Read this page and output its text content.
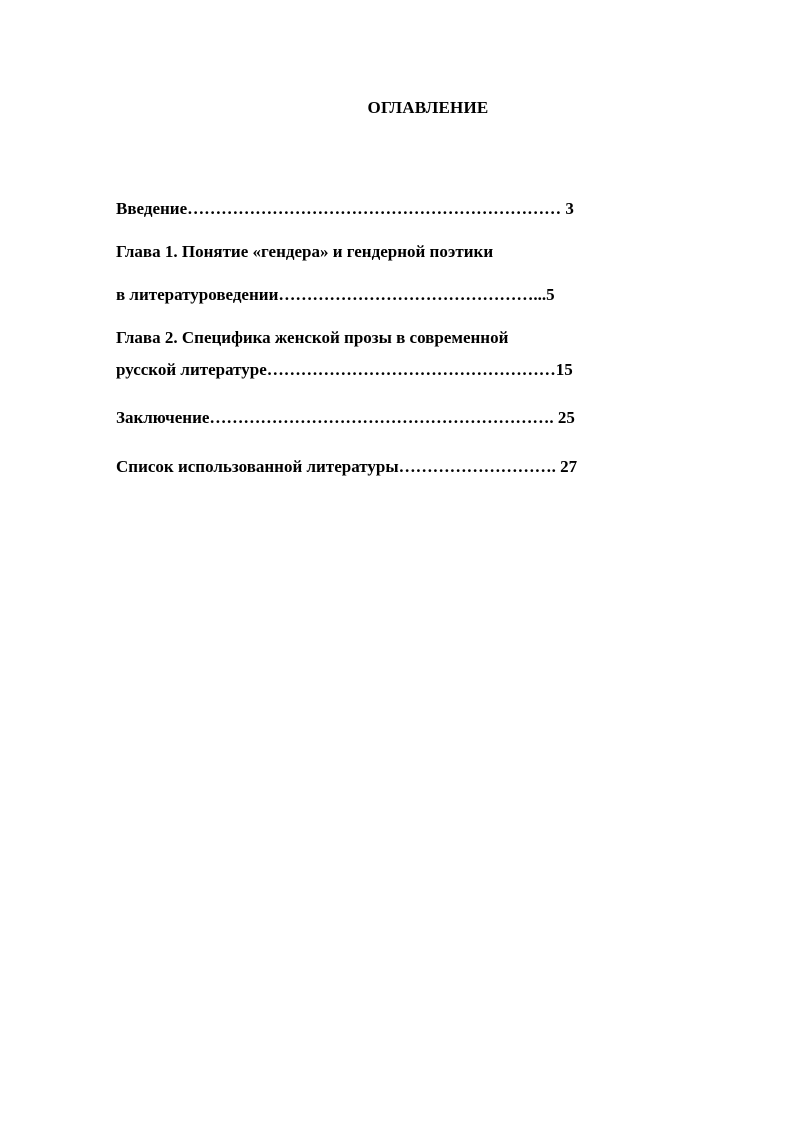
ОГЛАВЛЕНИЕ
Введение………………………………………………………… 3
Глава 1. Понятие «гендера» и гендерной поэтики
в литературоведении………………………………………...5
Глава 2. Специфика женской прозы в современной
русской литературе……………………………………………15
Заключение……………………………………………………. 25
Список использованной литературы………………………. 27
